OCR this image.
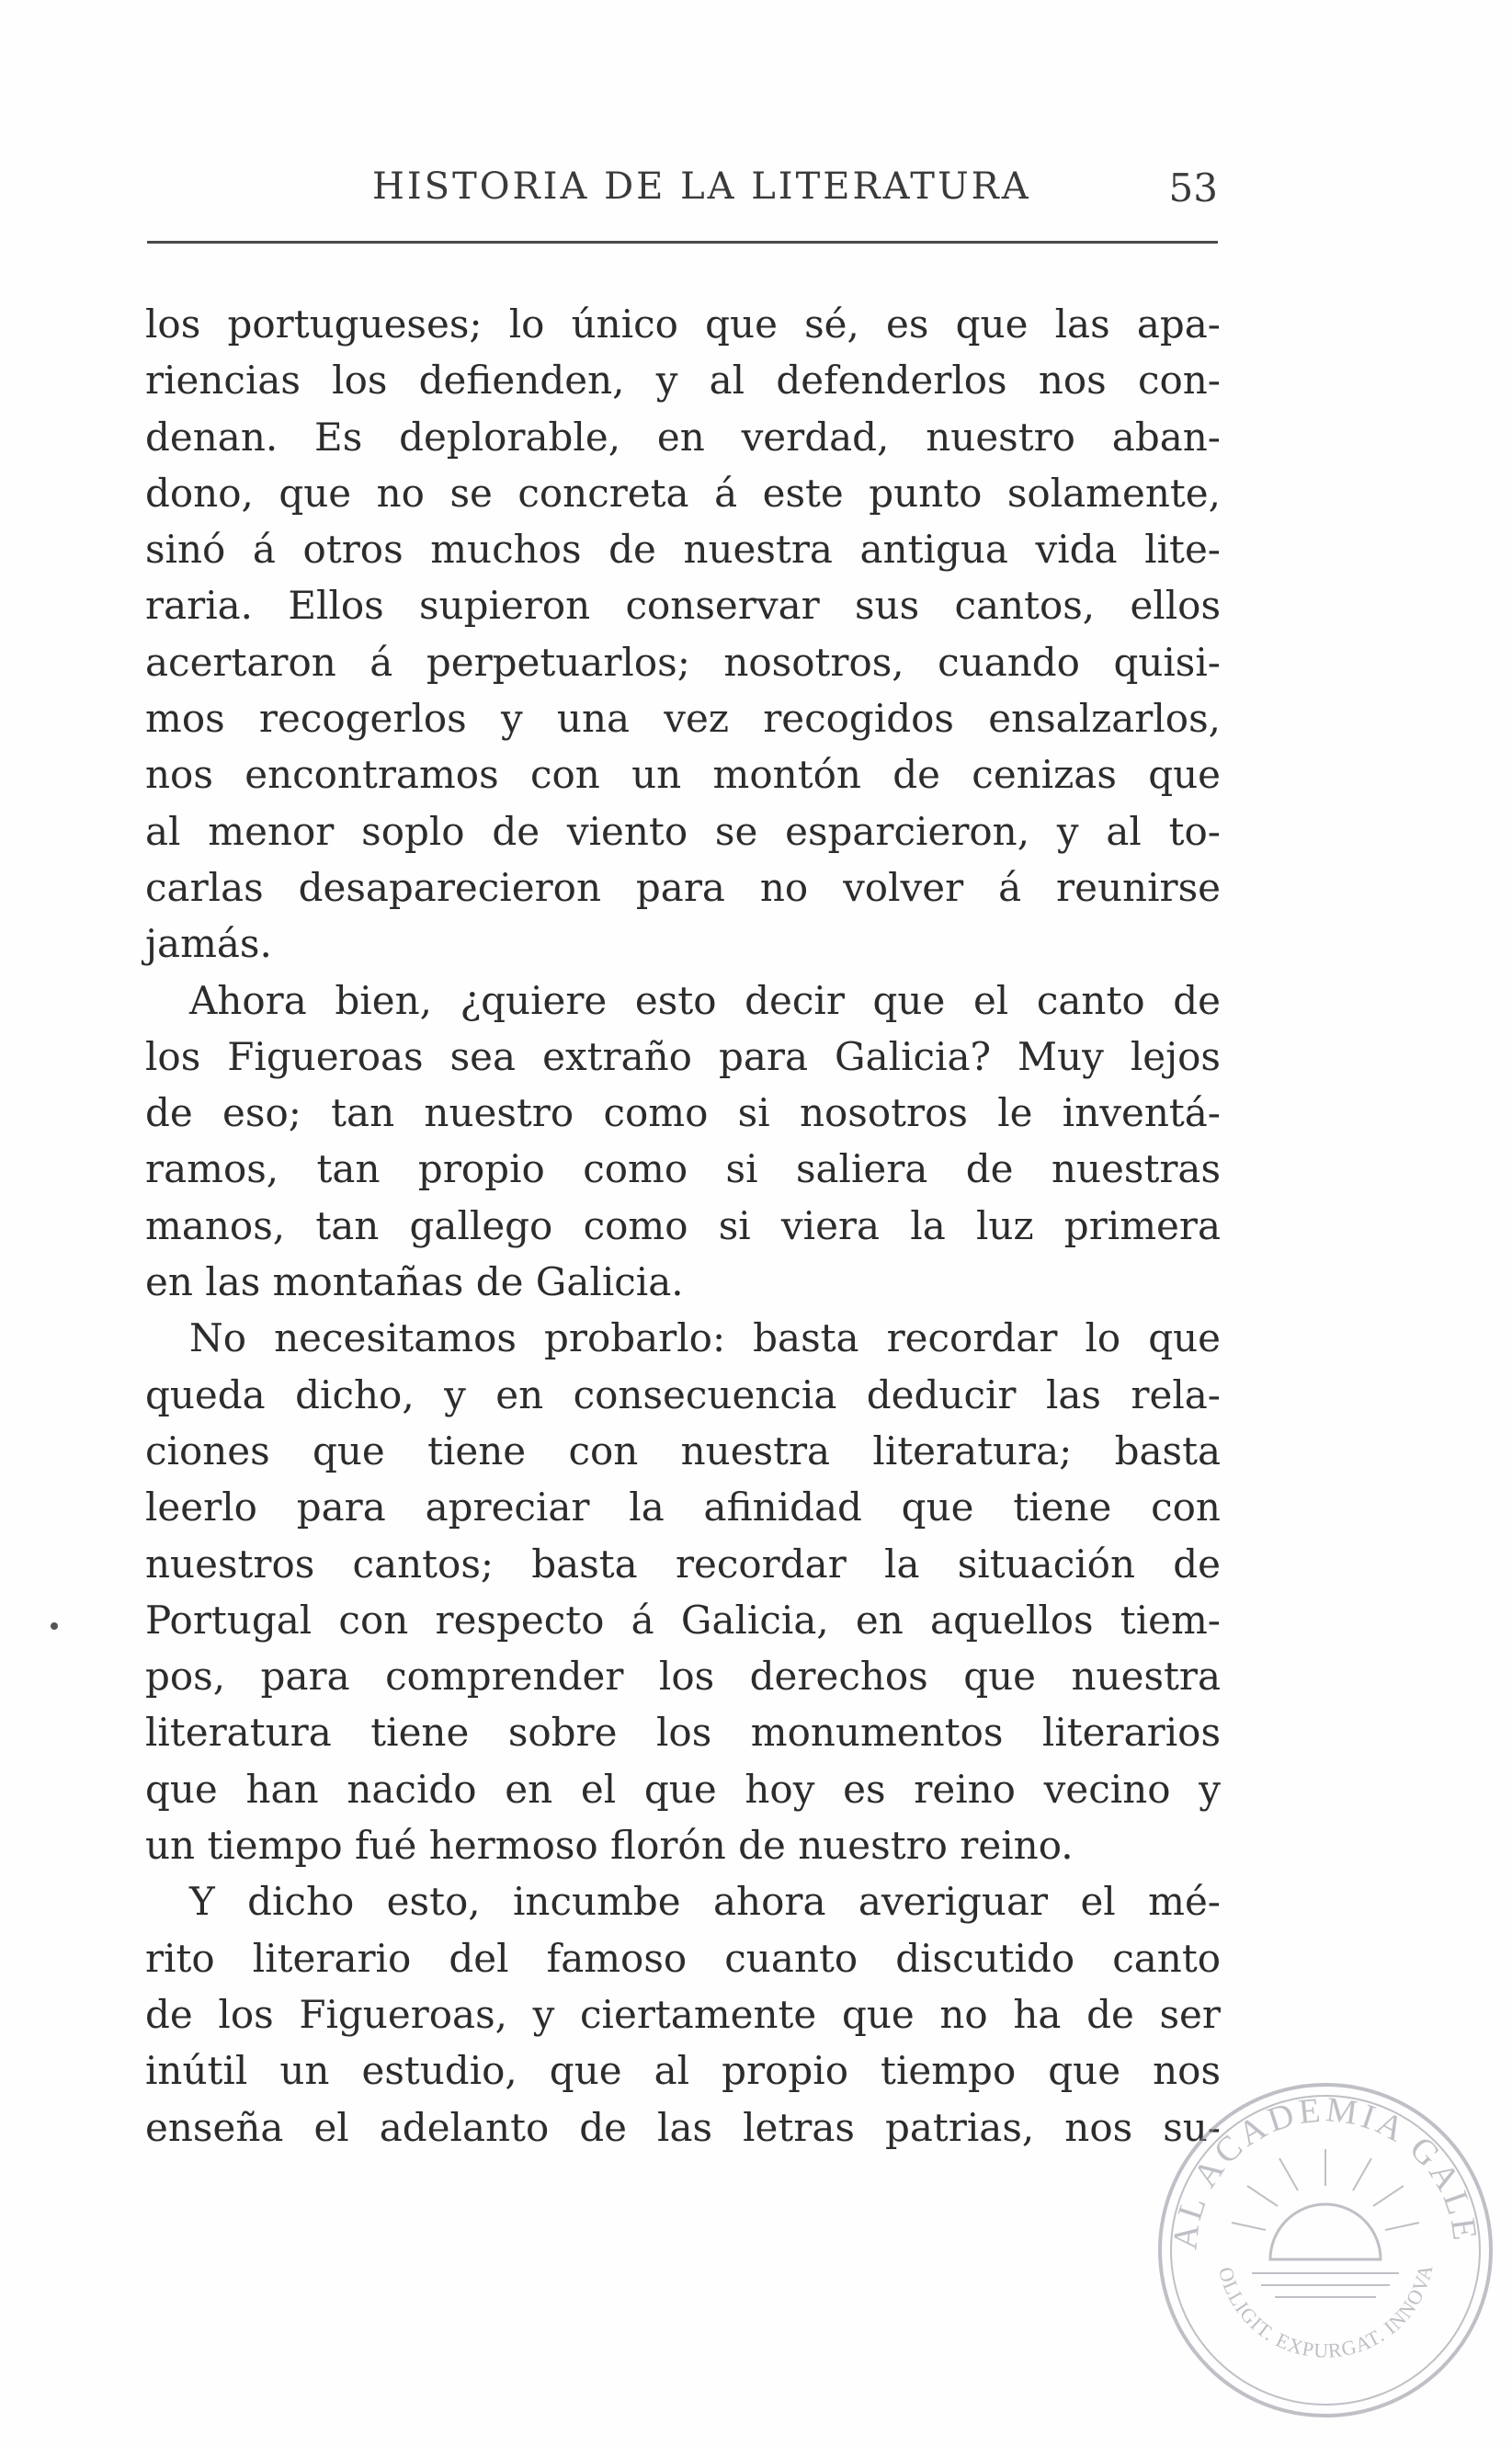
HISTORIA DE LA LITERATURA	53
los portugueses; lo único que sé, es que las apa-
riencias los defienden, y al defenderlos nos con-
denan. Es deplorable, en verdad, nuestro aban-
dono, que no se concreta á este punto solamente,
sinó á otros muchos de nuestra antigua vida lite-
raria. Ellos supieron conservar sus cantos, ellos
acertaron á perpetuarlos; nosotros, cuando quisi-
mos recogerlos y una vez recogidos ensalzarlos,
nos encontramos con un montón de cenizas que
al menor soplo de viento se esparcieron, y al to-
carlas desaparecieron para no volver á reunirse
jamás.
Ahora bien, ¿quiere esto decir que el canto de
los Figueroas sea extraño para Galicia? Muy lejos
de eso; tan nuestro como si nosotros le inventá-
ramos, tan propio como si saliera de nuestras
manos, tan gallego como si viera la luz primera
en las montañas de Galicia.
No necesitamos probarlo: basta recordar lo que
queda dicho, y en consecuencia deducir las rela-
ciones que tiene con nuestra literatura; basta
leerlo para apreciar la afinidad que tiene con
nuestros cantos; basta recordar la situación de
Portugal con respecto á Galicia, en aquellos tiem-
pos, para comprender los derechos que nuestra
literatura tiene sobre los monumentos literarios
que han nacido en el que hoy es reino vecino y
un tiempo fué hermoso florón de nuestro reino.
Y dicho esto, incumbe ahora averiguar el mé-
rito literario del famoso cuanto discutido canto
de los Figueroas, y ciertamente que no ha de ser
inútil un estudio, que al propio tiempo que nos
enseña el adelanto de las letras patrias, nos su-
AL ACADEMIA GALE
OLLIGIT. EXPURGAT. INNOVA
